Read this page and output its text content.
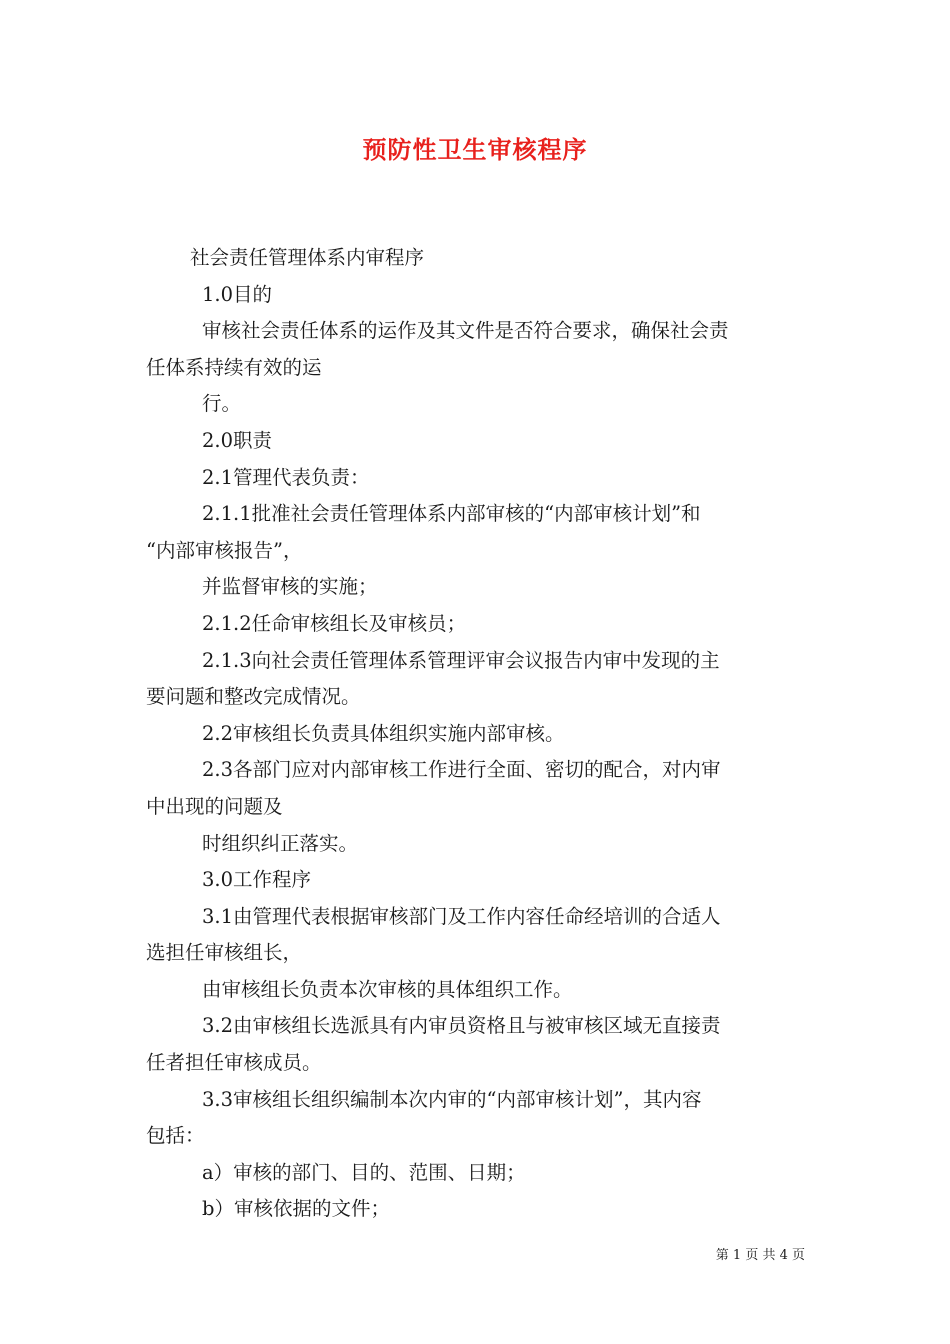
预防性卫生审核程序
社会责任管理体系内审程序
1.0目的
审核社会责任体系的运作及其文件是否符合要求，确保社会责
任体系持续有效的运
行。
2.0职责
2.1管理代表负责：
2.1.1批准社会责任管理体系内部审核的“内部审核计划”和
“内部审核报告”，
并监督审核的实施；
2.1.2任命审核组长及审核员；
2.1.3向社会责任管理体系管理评审会议报告内审中发现的主
要问题和整改完成情况。
2.2审核组长负责具体组织实施内部审核。
2.3各部门应对内部审核工作进行全面、密切的配合，对内审
中出现的问题及
时组织纠正落实。
3.0工作程序
3.1由管理代表根据审核部门及工作内容任命经培训的合适人
选担任审核组长，
由审核组长负责本次审核的具体组织工作。
3.2由审核组长选派具有内审员资格且与被审核区域无直接责
任者担任审核成员。
3.3审核组长组织编制本次内审的“内部审核计划”，其内容
包括：
a）审核的部门、目的、范围、日期；
b）审核依据的文件；
第 1 页 共 4 页
